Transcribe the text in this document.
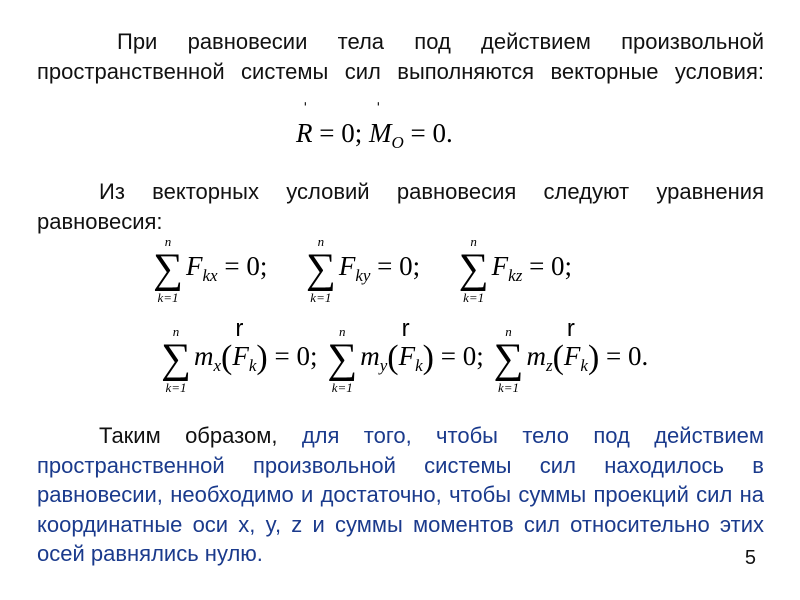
При равновесии тела под действием произвольной пространственной системы сил выполняются векторные условия:

ˈ
R = 0;
ˈ
$M_O = 0$.

Из векторных условий равновесия следуют уравнения равновесия:

n
∑
k=1
$F_{kx} = 0$;
n
∑
k=1
$F_{ky} = 0$;
n
∑
k=1
$F_{kz} = 0$;
n
∑
k=1
$m_x$(
r
$F_k) = 0$;
n
∑
k=1
$m_y$(
r
$F_k) = 0$;
n
∑
k=1
$m_z$(
r
$F_k) = 0$.

Таким образом, для того, чтобы тело под действием пространственной произвольной системы сил находилось в равновесии, необходимо и достаточно, чтобы суммы проекций сил на координатные оси x, y, z и суммы моментов сил относительно этих осей равнялись нулю.	5
